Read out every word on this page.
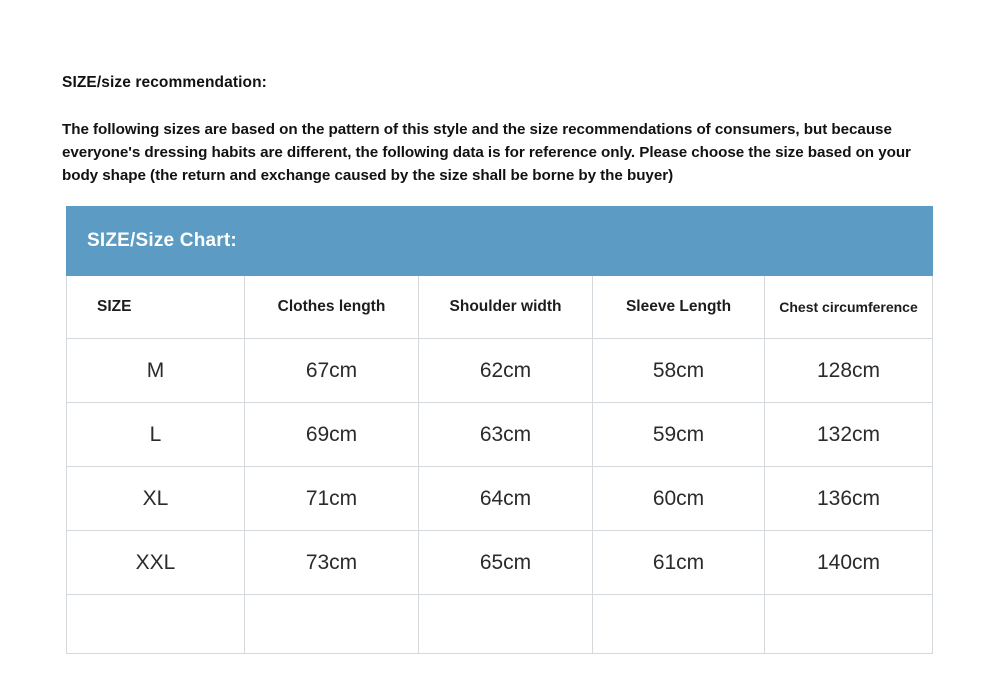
SIZE/size recommendation:
The following sizes are based on the pattern of this style and the size recommendations of consumers, but because everyone's dressing habits are different, the following data is for reference only. Please choose the size based on your body shape (the return and exchange caused by the size shall be borne by the buyer)
SIZE/Size Chart:				
SIZE	Clothes length	Shoulder width	Sleeve Length	Chest circumference
M	67cm	62cm	58cm	128cm
L	69cm	63cm	59cm	132cm
XL	71cm	64cm	60cm	136cm
XXL	73cm	65cm	61cm	140cm
